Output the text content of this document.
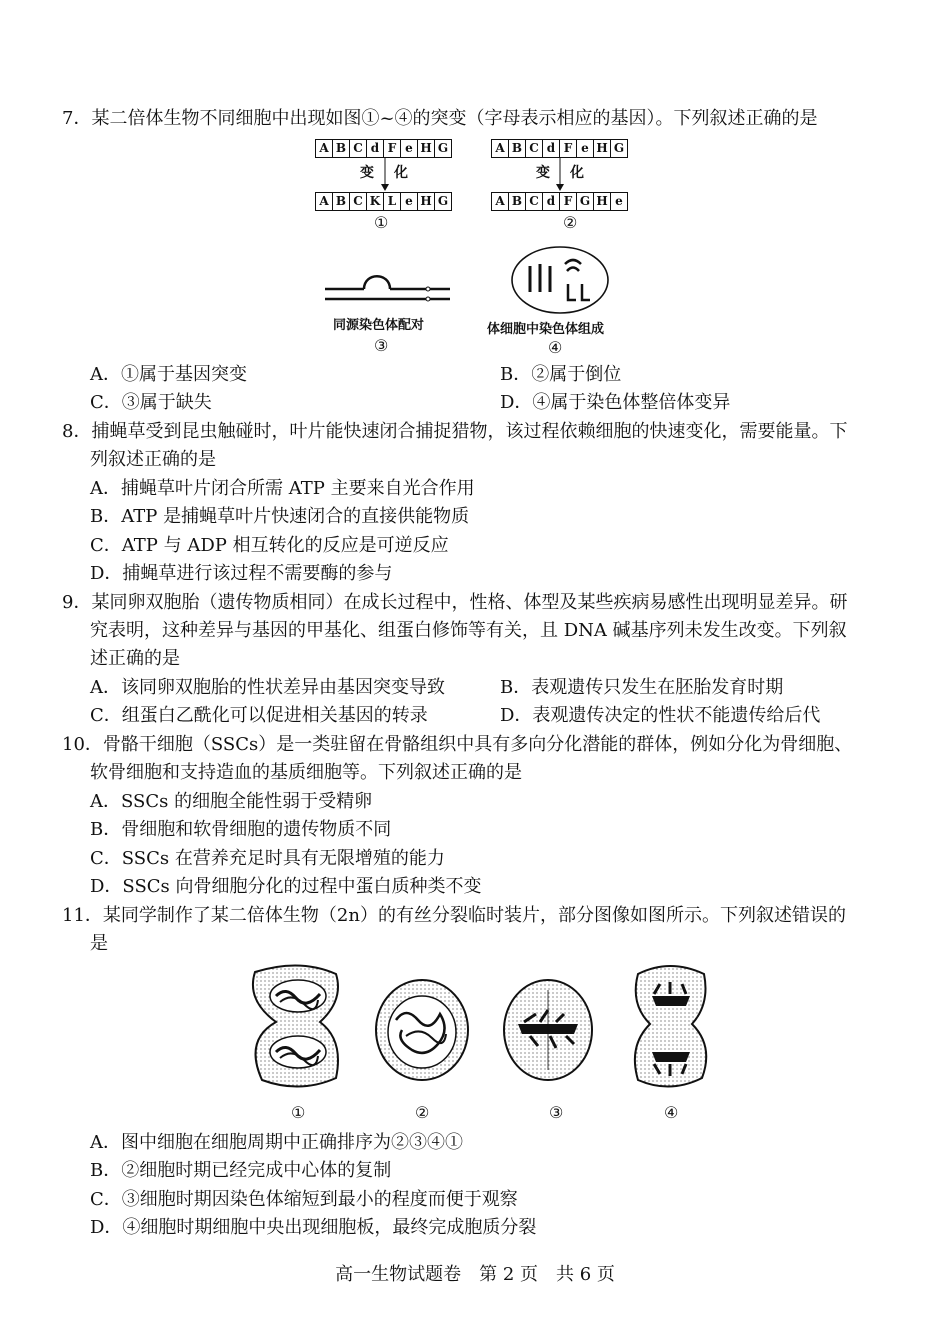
7．某二倍体生物不同细胞中出现如图①~④的突变（字母表示相应的基因）。下列叙述正确的是
A B C d F e H G
变 化
A B C K L e H G
①
A B C d F e H G
变 化
A B C d F G H e
②
同源染色体配对
③
体细胞中染色体组成
④
A．①属于基因突变	B．②属于倒位
C．③属于缺失	D．④属于染色体整倍体变异
8．捕蝇草受到昆虫触碰时，叶片能快速闭合捕捉猎物，该过程依赖细胞的快速变化，需要能量。下
列叙述正确的是
A．捕蝇草叶片闭合所需 ATP 主要来自光合作用
B．ATP 是捕蝇草叶片快速闭合的直接供能物质
C．ATP 与 ADP 相互转化的反应是可逆反应
D．捕蝇草进行该过程不需要酶的参与
9．某同卵双胞胎（遗传物质相同）在成长过程中，性格、体型及某些疾病易感性出现明显差异。研
究表明，这种差异与基因的甲基化、组蛋白修饰等有关，且 DNA 碱基序列未发生改变。下列叙
述正确的是
A．该同卵双胞胎的性状差异由基因突变导致	B．表观遗传只发生在胚胎发育时期
C．组蛋白乙酰化可以促进相关基因的转录	D．表观遗传决定的性状不能遗传给后代
10．骨骼干细胞（SSCs）是一类驻留在骨骼组织中具有多向分化潜能的群体，例如分化为骨细胞、
软骨细胞和支持造血的基质细胞等。下列叙述正确的是
A．SSCs 的细胞全能性弱于受精卵
B．骨细胞和软骨细胞的遗传物质不同
C．SSCs 在营养充足时具有无限增殖的能力
D．SSCs 向骨细胞分化的过程中蛋白质种类不变
11．某同学制作了某二倍体生物（2n）的有丝分裂临时装片，部分图像如图所示。下列叙述错误的
是
①	②	③	④
A．图中细胞在细胞周期中正确排序为②③④①
B．②细胞时期已经完成中心体的复制
C．③细胞时期因染色体缩短到最小的程度而便于观察
D．④细胞时期细胞中央出现细胞板，最终完成胞质分裂
高一生物试题卷　第 2 页　共 6 页
